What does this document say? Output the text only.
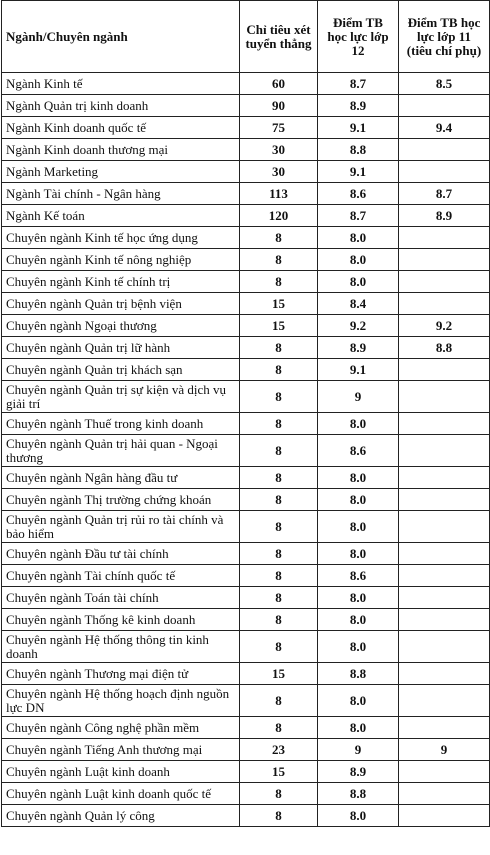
Ngành/Chuyên ngành	Chỉ tiêu xét tuyển thẳng	Điểm TB học lực lớp 12	Điểm TB học lực lớp 11 (tiêu chí phụ)
Ngành Kinh tế	60	8.7	8.5
Ngành Quản trị kinh doanh	90	8.9	
Ngành Kinh doanh quốc tế	75	9.1	9.4
Ngành Kinh doanh thương mại	30	8.8	
Ngành Marketing	30	9.1	
Ngành Tài chính - Ngân hàng	113	8.6	8.7
Ngành Kế toán	120	8.7	8.9
Chuyên ngành Kinh tế học ứng dụng	8	8.0	
Chuyên ngành Kinh tế nông nghiệp	8	8.0	
Chuyên ngành Kinh tế chính trị	8	8.0	
Chuyên ngành Quản trị bệnh viện	15	8.4	
Chuyên ngành Ngoại thương	15	9.2	9.2
Chuyên ngành Quản trị lữ hành	8	8.9	8.8
Chuyên ngành Quản trị khách sạn	8	9.1	
Chuyên ngành Quản trị sự kiện và dịch vụ giải trí	8	9	
Chuyên ngành Thuế trong kinh doanh	8	8.0	
Chuyên ngành Quản trị hải quan - Ngoại thương	8	8.6	
Chuyên ngành Ngân hàng đầu tư	8	8.0	
Chuyên ngành Thị trường chứng khoán	8	8.0	
Chuyên ngành Quản trị rủi ro tài chính và bảo hiểm	8	8.0	
Chuyên ngành Đầu tư tài chính	8	8.0	
Chuyên ngành Tài chính quốc tế	8	8.6	
Chuyên ngành Toán tài chính	8	8.0	
Chuyên ngành Thống kê kinh doanh	8	8.0	
Chuyên ngành Hệ thống thông tin kinh doanh	8	8.0	
Chuyên ngành Thương mại điện tử	15	8.8	
Chuyên ngành Hệ thống hoạch định nguồn lực DN	8	8.0	
Chuyên ngành Công nghệ phần mềm	8	8.0	
Chuyên ngành Tiếng Anh thương mại	23	9	9
Chuyên ngành Luật kinh doanh	15	8.9	
Chuyên ngành Luật kinh doanh quốc tế	8	8.8	
Chuyên ngành Quản lý công	8	8.0	
